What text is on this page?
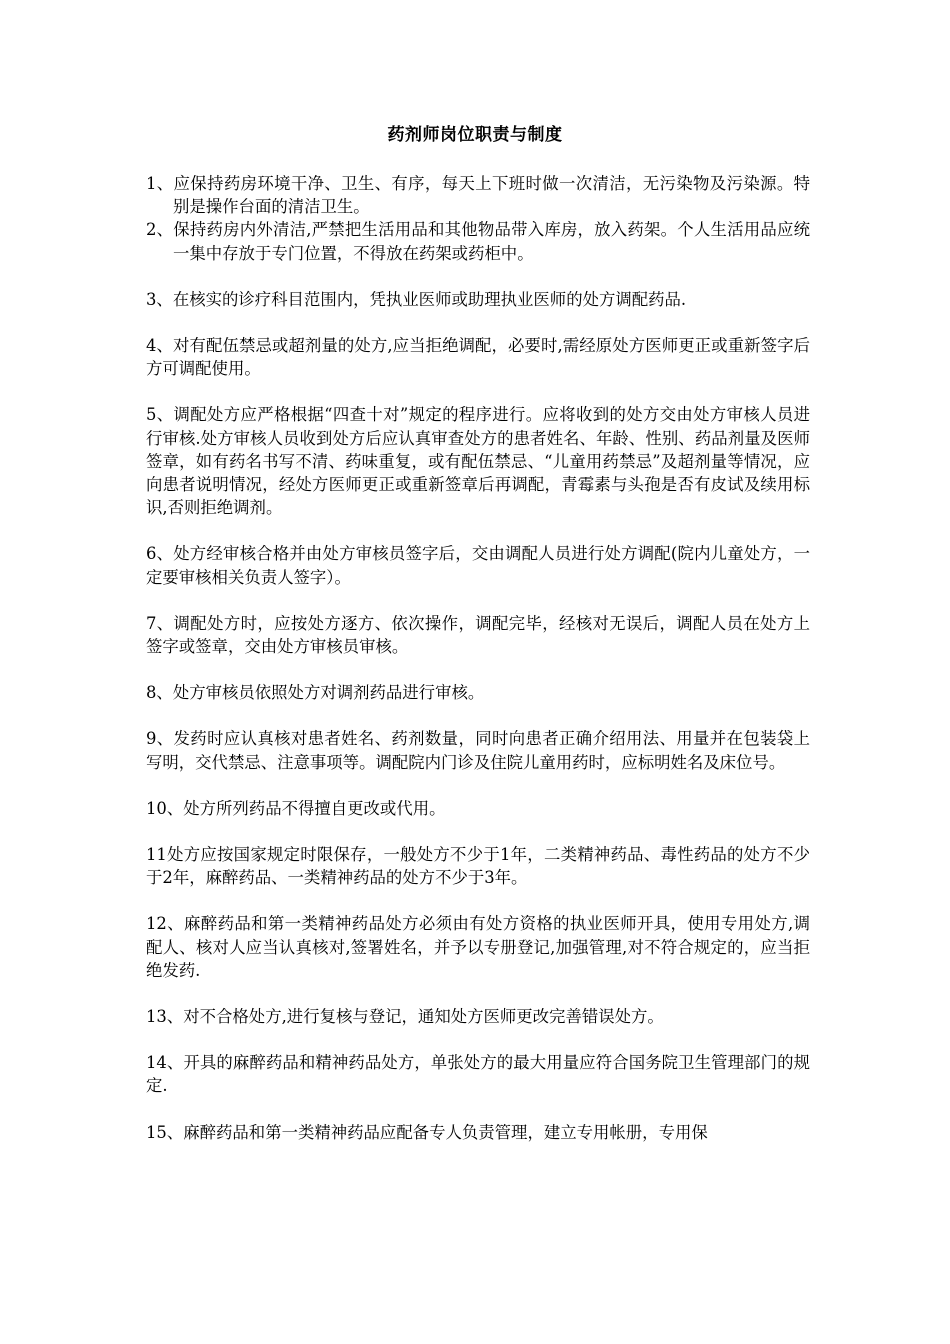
药剂师岗位职责与制度

1、应保持药房环境干净、卫生、有序，每天上下班时做一次清洁，无污染物及污染源。特别是操作台面的清洁卫生。

2、保持药房内外清洁,严禁把生活用品和其他物品带入库房，放入药架。个人生活用品应统一集中存放于专门位置，不得放在药架或药柜中。

3、在核实的诊疗科目范围内，凭执业医师或助理执业医师的处方调配药品.

4、对有配伍禁忌或超剂量的处方,应当拒绝调配，必要时,需经原处方医师更正或重新签字后方可调配使用。

5、调配处方应严格根据“四查十对”规定的程序进行。应将收到的处方交由处方审核人员进行审核.处方审核人员收到处方后应认真审查处方的患者姓名、年龄、性别、药品剂量及医师签章，如有药名书写不清、药味重复，或有配伍禁忌、“儿童用药禁忌”及超剂量等情况，应向患者说明情况，经处方医师更正或重新签章后再调配，青霉素与头孢是否有皮试及续用标识,否则拒绝调剂。

6、处方经审核合格并由处方审核员签字后，交由调配人员进行处方调配(院内儿童处方，一定要审核相关负责人签字）。

7、调配处方时，应按处方逐方、依次操作，调配完毕，经核对无误后，调配人员在处方上签字或签章，交由处方审核员审核。

8、处方审核员依照处方对调剂药品进行审核。

9、发药时应认真核对患者姓名、药剂数量，同时向患者正确介绍用法、用量并在包装袋上写明，交代禁忌、注意事项等。调配院内门诊及住院儿童用药时，应标明姓名及床位号。

10、处方所列药品不得擅自更改或代用。

11处方应按国家规定时限保存，一般处方不少于1年，二类精神药品、毒性药品的处方不少于2年，麻醉药品、一类精神药品的处方不少于3年。

12、麻醉药品和第一类精神药品处方必须由有处方资格的执业医师开具，使用专用处方,调配人、核对人应当认真核对,签署姓名，并予以专册登记,加强管理,对不符合规定的，应当拒绝发药.

13、对不合格处方,进行复核与登记，通知处方医师更改完善错误处方。

14、开具的麻醉药品和精神药品处方，单张处方的最大用量应符合国务院卫生管理部门的规定.

15、麻醉药品和第一类精神药品应配备专人负责管理，建立专用帐册，专用保
